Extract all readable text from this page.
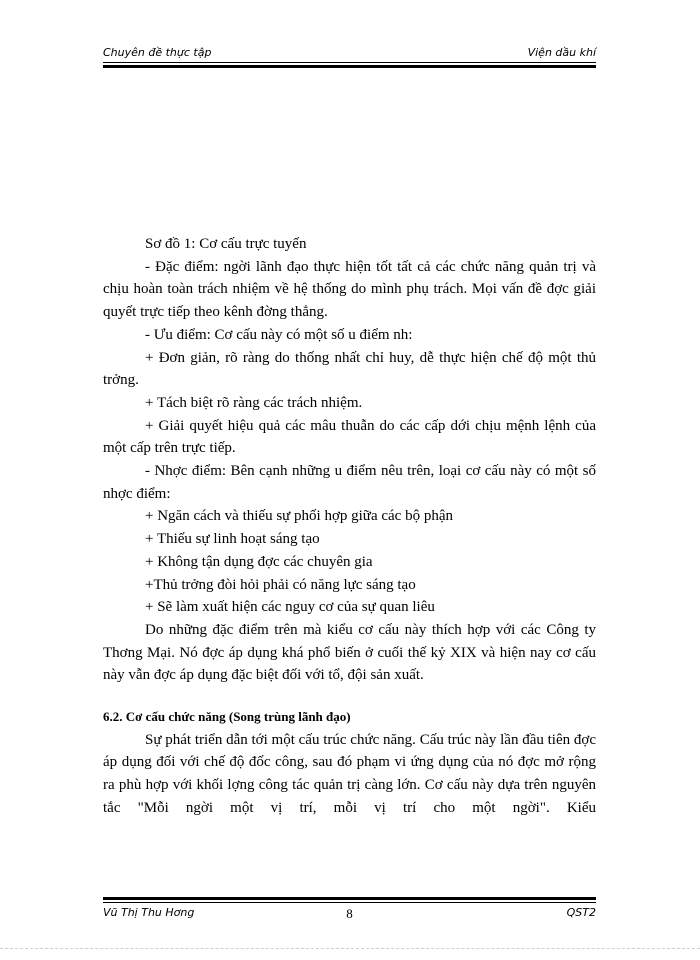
Chuyên đề thực tập	Viện dầu khí

Sơ đồ 1: Cơ cấu trực tuyến

- Đặc điểm: ngời lãnh đạo thực hiện tốt tất cả các chức năng quản trị và chịu hoàn toàn trách nhiệm về hệ thống do mình phụ trách. Mọi vấn đề đợc giải quyết trực tiếp theo kênh đờng thẳng.

- Ưu điểm: Cơ cấu này có một số u điểm nh:

+ Đơn giản, rõ ràng do thống nhất chỉ huy, dễ thực hiện chế độ một thủ trởng.

+ Tách biệt rõ ràng các trách nhiệm.

+ Giải quyết hiệu quả các mâu thuẫn do các cấp dới chịu mệnh lệnh của một cấp trên trực tiếp.

- Nhợc điểm: Bên cạnh những u điểm nêu trên, loại cơ cấu này có một số nhợc điểm:

+ Ngăn cách và thiếu sự phối hợp giữa các bộ phận

+ Thiếu sự linh hoạt sáng tạo

+ Không tận dụng đợc các chuyên gia

+Thủ trởng đòi hỏi phải có năng lực sáng tạo

+ Sẽ làm xuất hiện các nguy cơ của sự quan liêu

Do những đặc điểm trên mà kiểu cơ cấu này thích hợp với các Công ty Thơng Mại. Nó đợc áp dụng khá phổ biến ở cuối thế kỷ XIX và hiện nay cơ cấu này vẫn đợc áp dụng đặc biệt đối với tổ, đội sản xuất.

6.2. Cơ cấu chức năng (Song trùng lãnh đạo)

Sự phát triển dẫn tới một cấu trúc chức năng. Cấu trúc này lần đầu tiên đợc áp dụng đối với chế độ đốc công, sau đó phạm vi ứng dụng của nó đợc mở rộng ra phù hợp với khối lợng công tác quản trị càng lớn. Cơ cấu này dựa trên nguyên tắc "Mỗi ngời một vị trí, mỗi vị trí cho một ngời". Kiểu

Vũ Thị Thu Hơng	8	QST2
